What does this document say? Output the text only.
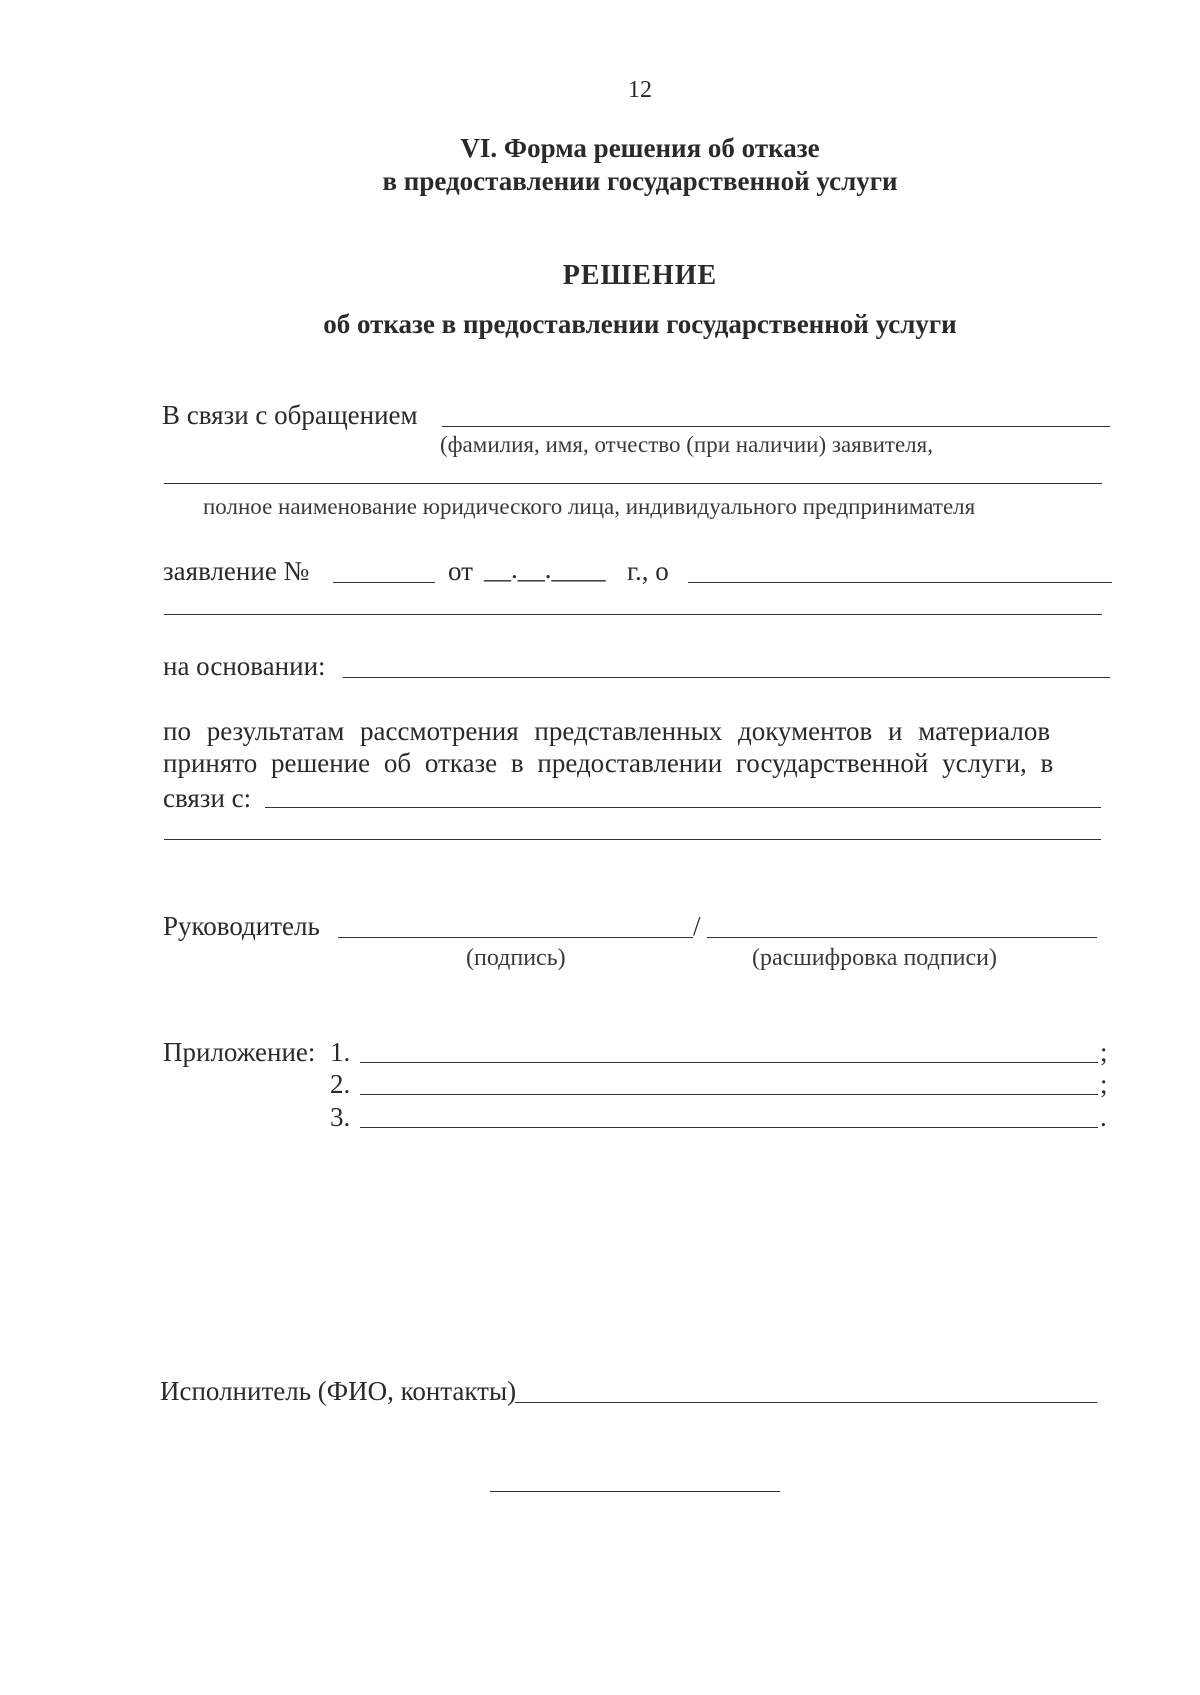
12
VI. Форма решения об отказе
в предоставлении государственной услуги
РЕШЕНИЕ
об отказе в предоставлении государственной услуги
В связи с обращением
(фамилия, имя, отчество (при наличии) заявителя,
полное наименование юридического лица, индивидуального предпринимателя
заявление №	от __.__.____ г., о
на основании:
по результатам рассмотрения представленных документов и материалов
принято решение об отказе в предоставлении государственной услуги, в
связи с:
Руководитель	/
(подпись)	(расшифровка подписи)
Приложение: 1.	;
2.	;
3.	.
Исполнитель (ФИО, контакты)
